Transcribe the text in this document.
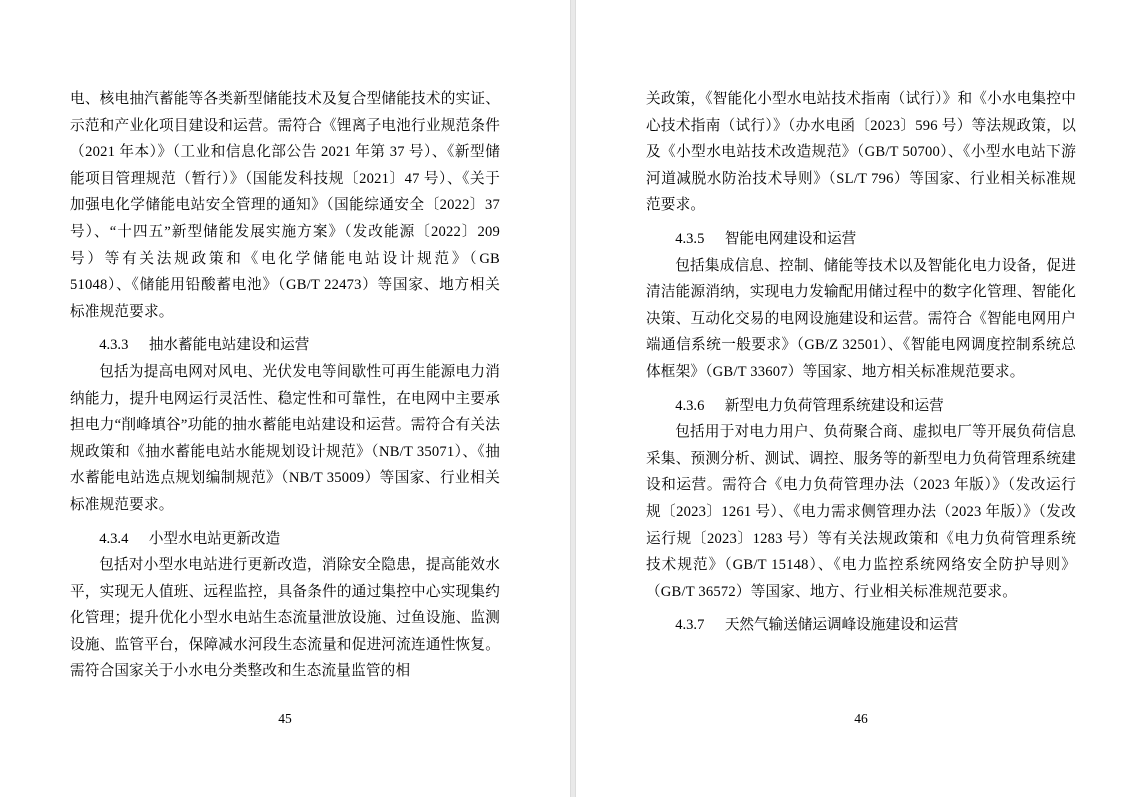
电、核电抽汽蓄能等各类新型储能技术及复合型储能技术的实证、示范和产业化项目建设和运营。需符合《锂离子电池行业规范条件（2021 年本）》（工业和信息化部公告 2021 年第 37 号）、《新型储能项目管理规范（暂行）》（国能发科技规〔2021〕47 号）、《关于加强电化学储能电站安全管理的通知》（国能综通安全〔2022〕37 号）、“十四五”新型储能发展实施方案》（发改能源〔2022〕209 号）等有关法规政策和《电化学储能电站设计规范》（GB 51048）、《储能用铅酸蓄电池》（GB/T 22473）等国家、地方相关标准规范要求。

4.3.3 抽水蓄能电站建设和运营

包括为提高电网对风电、光伏发电等间歇性可再生能源电力消纳能力，提升电网运行灵活性、稳定性和可靠性，在电网中主要承担电力“削峰填谷”功能的抽水蓄能电站建设和运营。需符合有关法规政策和《抽水蓄能电站水能规划设计规范》（NB/T 35071）、《抽水蓄能电站选点规划编制规范》（NB/T 35009）等国家、行业相关标准规范要求。

4.3.4 小型水电站更新改造

包括对小型水电站进行更新改造，消除安全隐患，提高能效水平，实现无人值班、远程监控，具备条件的通过集控中心实现集约化管理；提升优化小型水电站生态流量泄放设施、过鱼设施、监测设施、监管平台，保障减水河段生态流量和促进河流连通性恢复。需符合国家关于小水电分类整改和生态流量监管的相

45

关政策，《智能化小型水电站技术指南（试行）》和《小水电集控中心技术指南（试行）》（办水电函〔2023〕596 号）等法规政策，以及《小型水电站技术改造规范》（GB/T 50700）、《小型水电站下游河道减脱水防治技术导则》（SL/T 796）等国家、行业相关标准规范要求。

4.3.5 智能电网建设和运营

包括集成信息、控制、储能等技术以及智能化电力设备，促进清洁能源消纳，实现电力发输配用储过程中的数字化管理、智能化决策、互动化交易的电网设施建设和运营。需符合《智能电网用户端通信系统一般要求》（GB/Z 32501）、《智能电网调度控制系统总体框架》（GB/T 33607）等国家、地方相关标准规范要求。

4.3.6 新型电力负荷管理系统建设和运营

包括用于对电力用户、负荷聚合商、虚拟电厂等开展负荷信息采集、预测分析、测试、调控、服务等的新型电力负荷管理系统建设和运营。需符合《电力负荷管理办法（2023 年版）》（发改运行规〔2023〕1261 号）、《电力需求侧管理办法（2023 年版）》（发改运行规〔2023〕1283 号）等有关法规政策和《电力负荷管理系统技术规范》（GB/T 15148）、《电力监控系统网络安全防护导则》（GB/T 36572）等国家、地方、行业相关标准规范要求。

4.3.7 天然气输送储运调峰设施建设和运营
46
